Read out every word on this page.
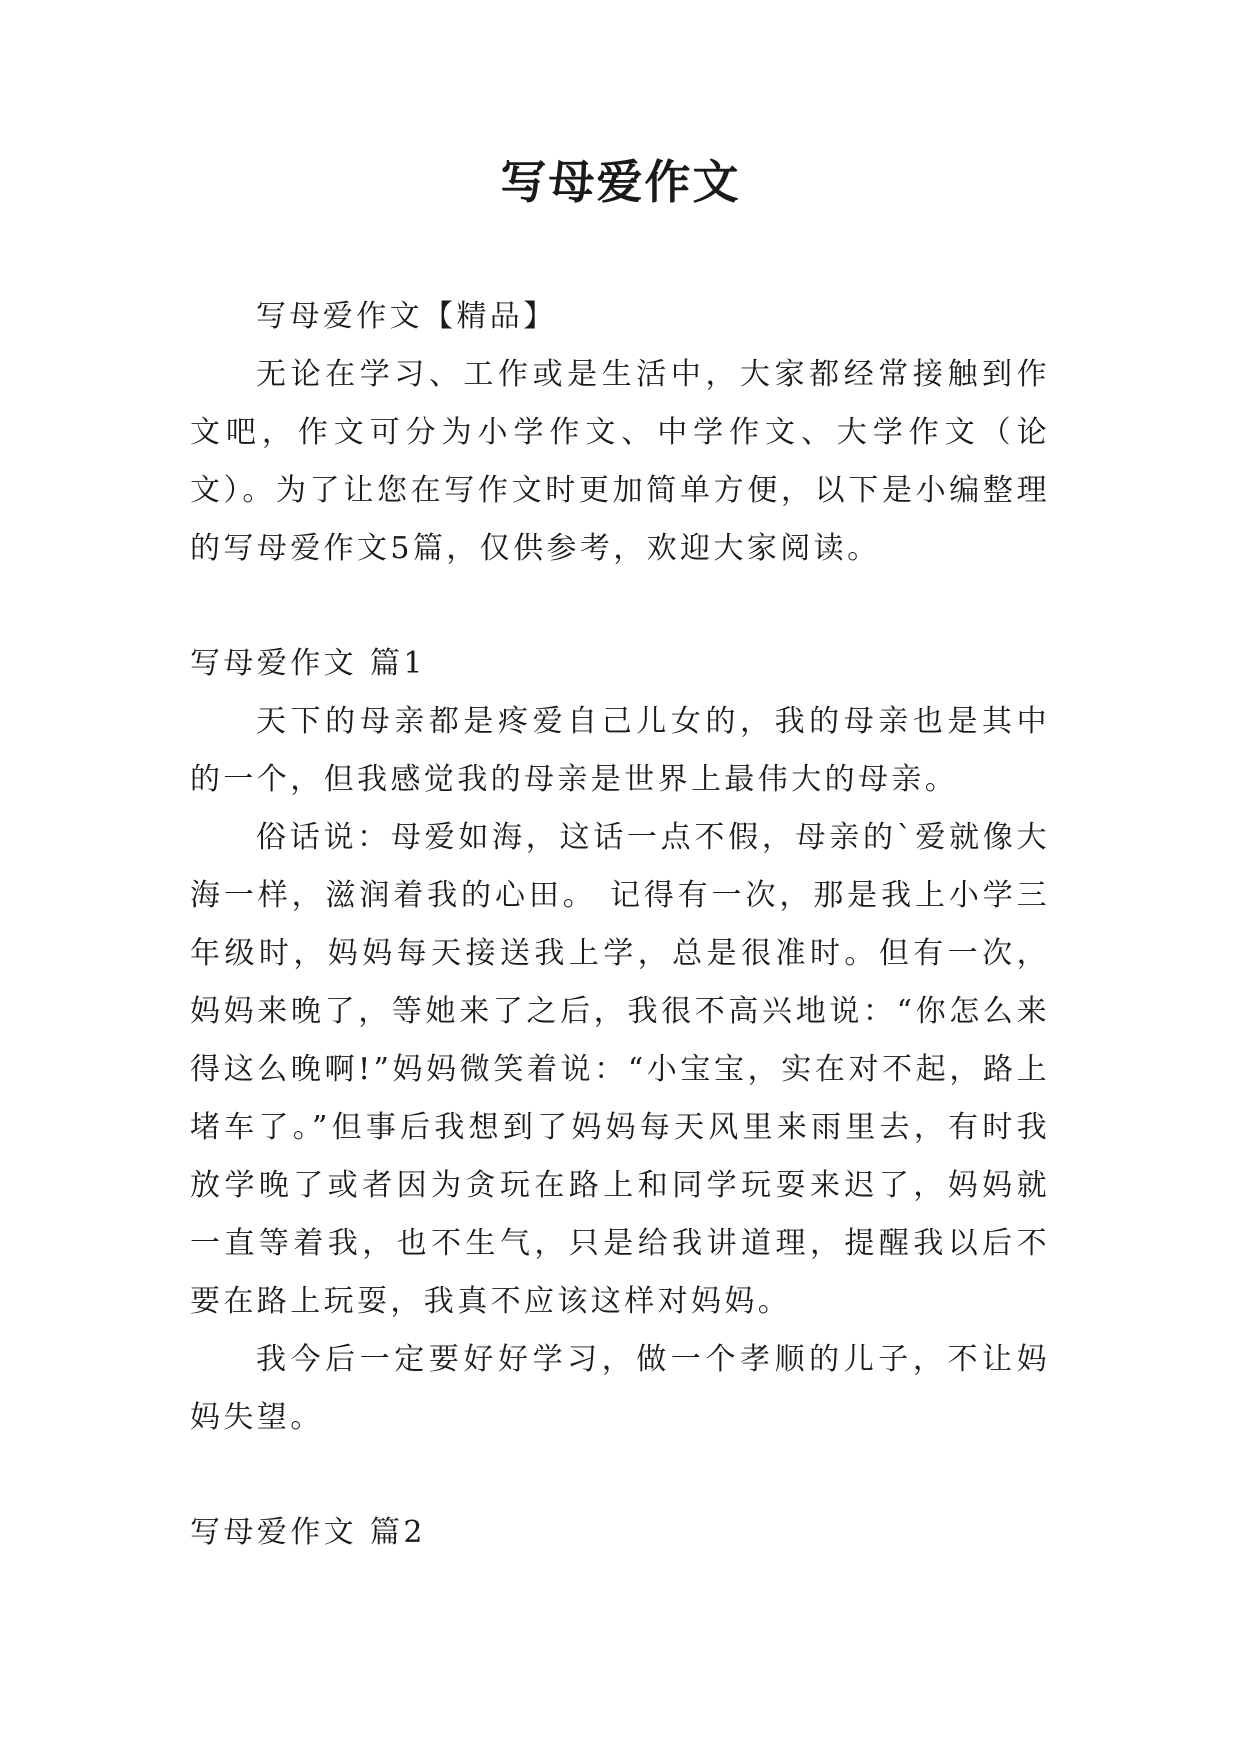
写母爱作文

写母爱作文【精品】

无论在学习、工作或是生活中，大家都经常接触到作文吧，作文可分为小学作文、中学作文、大学作文（论文）。为了让您在写作文时更加简单方便，以下是小编整理的写母爱作文5篇，仅供参考，欢迎大家阅读。

写母爱作文 篇1

天下的母亲都是疼爱自己儿女的，我的母亲也是其中的一个，但我感觉我的母亲是世界上最伟大的母亲。

俗话说：母爱如海，这话一点不假，母亲的`爱就像大海一样，滋润着我的心田。 记得有一次，那是我上小学三年级时，妈妈每天接送我上学，总是很准时。但有一次，妈妈来晚了，等她来了之后，我很不高兴地说：“你怎么来得这么晚啊!”妈妈微笑着说：“小宝宝，实在对不起，路上堵车了。”但事后我想到了妈妈每天风里来雨里去，有时我放学晚了或者因为贪玩在路上和同学玩耍来迟了，妈妈就一直等着我，也不生气，只是给我讲道理，提醒我以后不要在路上玩耍，我真不应该这样对妈妈。

我今后一定要好好学习，做一个孝顺的儿子，不让妈妈失望。

写母爱作文 篇2
